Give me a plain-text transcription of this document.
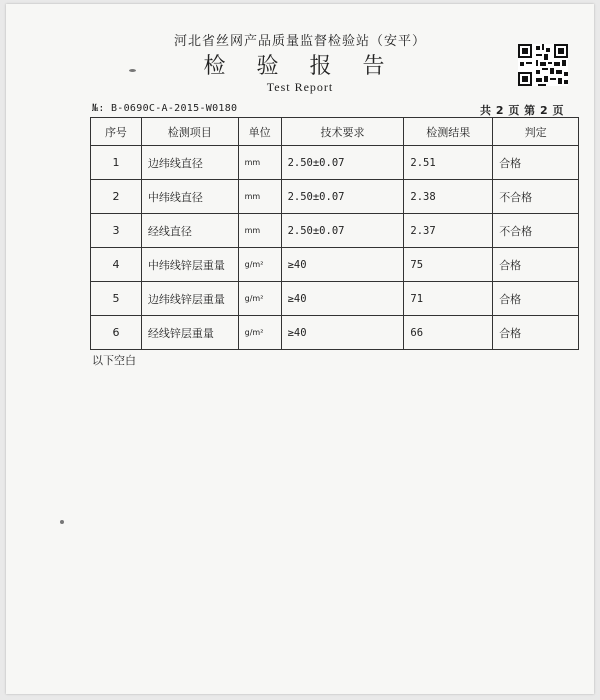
河北省丝网产品质量监督检验站（安平）
检 验 报 告
Test Report
№: B-0690C-A-2015-W0180	共 2 页 第 2 页
序号	检测项目	单位	技术要求	检测结果	判定
1	边纬线直径	mm	2.50±0.07	2.51	合格
2	中纬线直径	mm	2.50±0.07	2.38	不合格
3	经线直径	mm	2.50±0.07	2.37	不合格
4	中纬线锌层重量	g/m²	≥40	75	合格
5	边纬线锌层重量	g/m²	≥40	71	合格
6	经线锌层重量	g/m²	≥40	66	合格
以下空白
